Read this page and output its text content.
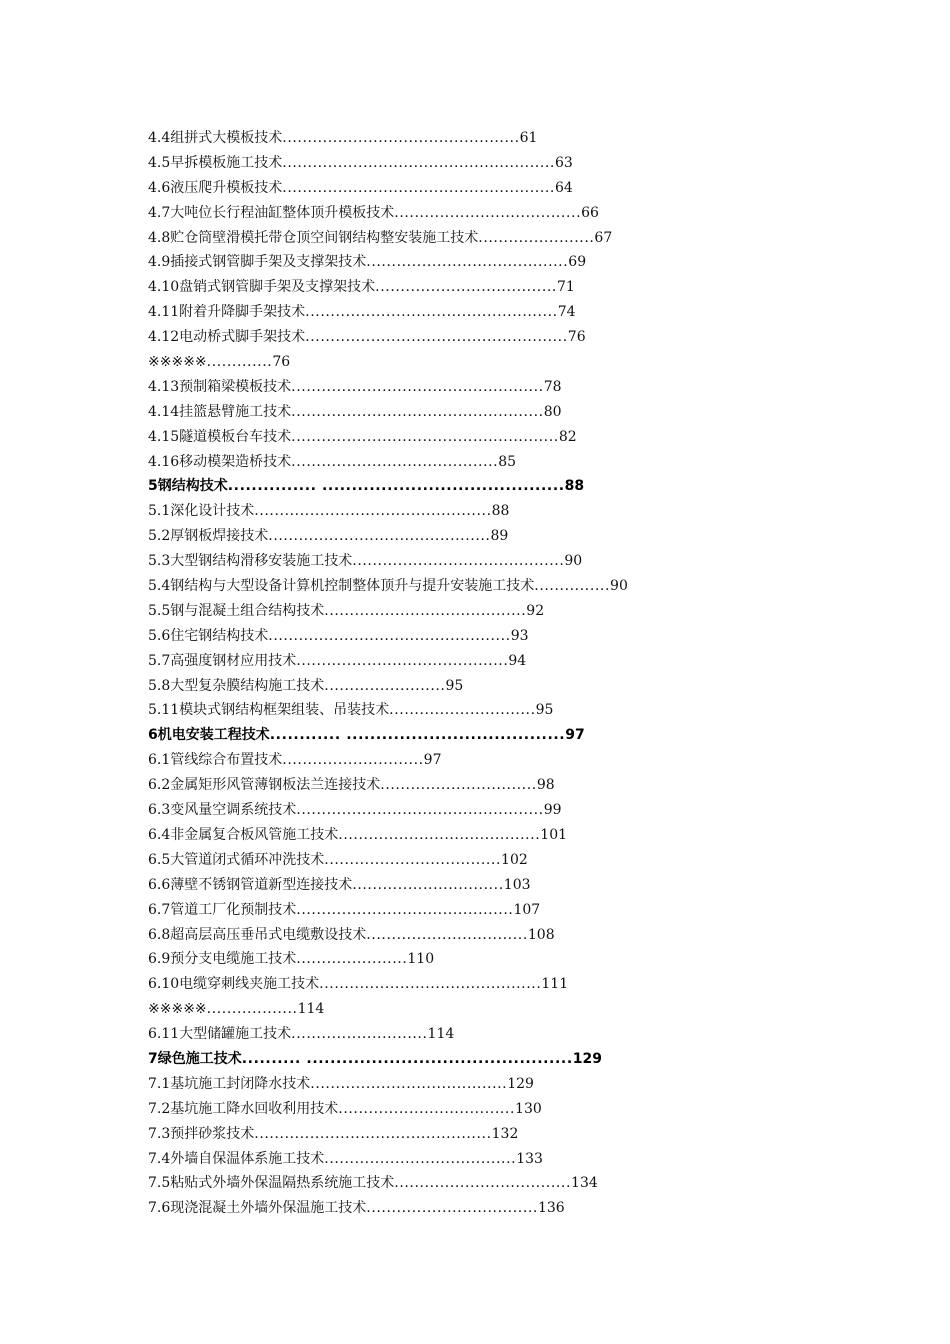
4.4组拼式大模板技术...............................................61
4.5早拆模板施工技术......................................................63
4.6液压爬升模板技术......................................................64
4.7大吨位长行程油缸整体顶升模板技术.....................................66
4.8贮仓筒壁滑模托带仓顶空间钢结构整安装施工技术.......................67
4.9插接式钢管脚手架及支撑架技术........................................69
4.10盘销式钢管脚手架及支撑架技术....................................71
4.11附着升降脚手架技术..................................................74
4.12电动桥式脚手架技术....................................................76
※※※※※.............76
4.13预制箱梁模板技术..................................................78
4.14挂篮悬臂施工技术..................................................80
4.15隧道模板台车技术.....................................................82
4.16移动模架造桥技术.........................................85
5钢结构技术............... .........................................88
5.1深化设计技术...............................................88
5.2厚钢板焊接技术............................................89
5.3大型钢结构滑移安装施工技术..........................................90
5.4钢结构与大型设备计算机控制整体顶升与提升安装施工技术...............90
5.5钢与混凝土组合结构技术........................................92
5.6住宅钢结构技术................................................93
5.7高强度钢材应用技术..........................................94
5.8大型复杂膜结构施工技术........................95
5.11模块式钢结构框架组装、吊装技术.............................95
6机电安装工程技术............ .....................................97
6.1管线综合布置技术............................97
6.2金属矩形风管薄钢板法兰连接技术...............................98
6.3变风量空调系统技术.................................................99
6.4非金属复合板风管施工技术........................................101
6.5大管道闭式循环冲洗技术...................................102
6.6薄壁不锈钢管道新型连接技术..............................103
6.7管道工厂化预制技术...........................................107
6.8超高层高压垂吊式电缆敷设技术................................108
6.9预分支电缆施工技术......................110
6.10电缆穿刺线夹施工技术............................................111
※※※※※..................114
6.11大型储罐施工技术...........................114
7绿色施工技术.......... .............................................129
7.1基坑施工封闭降水技术.......................................129
7.2基坑施工降水回收利用技术...................................130
7.3预拌砂浆技术...............................................132
7.4外墙自保温体系施工技术......................................133
7.5粘贴式外墙外保温隔热系统施工技术...................................134
7.6现浇混凝土外墙外保温施工技术..................................136
